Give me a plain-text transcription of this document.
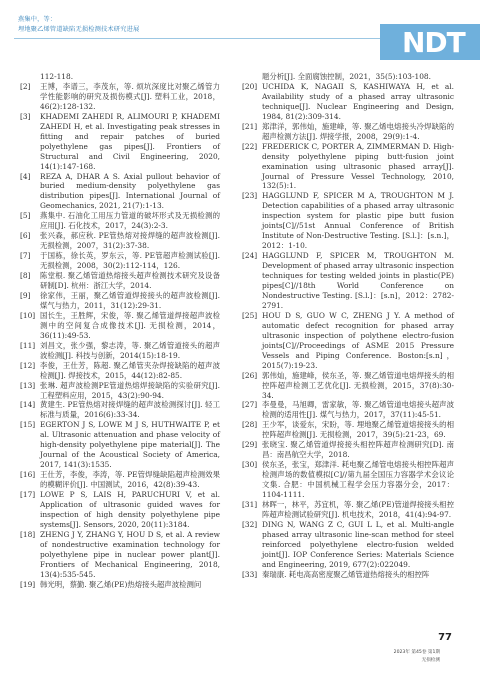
燕集中，等：
埋地聚乙烯管道缺陷无损检测技术研究进展	NDT
112-118.
[2]	王博，李谱三，李茂东，等. 烦坑深度比对聚乙烯管力学性能影响的研究及损伤模式[J]. 塑料工业，2018，46(2):128-132.
[3]	KHADEMI ZAHEDI R, ALIMOURI P, KHADEMI ZAHEDI H, et al. Investigating peak stresses in fitting and repair patches of buried polyethylene gas pipes[J]. Frontiers of Structural and Civil Engineering, 2020, 14(1):147-168.
[4]	REZA A, DHAR A S. Axial pullout behavior of buried medium-density polyethylene gas distribution pipes[J]. International Journal of Geomechanics, 2021, 21(7):1-13.
[5]	燕集中. 石油化工用压力管道的破坏形式及无损检测的应用[J]. 石化技术，2017，24(3):2-3.
[6]	张兴森，郝应秋. PE管热熔对接焊缝的超声波检测[J]. 无损检测，2007，31(2):37-38.
[7]	于国栋，徐长英，罗东云，等. PE管超声检测试验[J]. 无损检测，2008，30(2):112-114，126.
[8]	陈堂根. 聚乙烯管道热熔接头超声检测技术研究及设备研制[D]. 杭州：浙江大学，2014.
[9]	徐家伟，王丽，聚乙烯管道焊接接头的超声波检测[J]. 煤气与热力，2011，31(12):29-31.
[10] 国长生，王胜辉，宋俊，等. 聚乙烯管道焊接超声波检测中的空间复合成像技术[J]. 无损检测，2014，36(11):49-53.
[11] 刘昌文，张少强，黎志涛，等. 聚乙烯管道接头的超声波检测[J]. 科技与创新，2014(15):18-19.
[12] 李俊，王仕芳，陈超. 聚乙烯管夹杂焊接缺陷的超声波检测[J]. 焊接技术，2015，44(12):82-85.
[13] 张琳. 超声波检测PE管道热熔焊接缺陷的实验研究[J]. 工程塑料应用，2015，43(2):90-94.
[14] 黄建生. PE管热熔对接焊缝的超声波检测探讨[J]. 轻工标准与质量，2016(6):33-34.
[15] EGERTON J S, LOWE M J S, HUTHWAITE P, et al. Ultrasonic attenuation and phase velocity of high-density polyethylene pipe material[J]. The Journal of the Acoustical Society of America, 2017, 141(3):1535.
[16] 王仕芳，李俊，李涛，等. PE管焊缝缺陷超声检测效果的模糊评价[J]. 中国测试，2016，42(8):39-43.
[17] LOWE P S, LAIS H, PARUCHURI V, et al. Application of ultrasonic guided waves for inspection of high density polyethylene pipe systems[J]. Sensors, 2020, 20(11):3184.
[18] ZHENG J Y, ZHANG Y, HOU D S, et al. A review of nondestructive examination technology for polyethylene pipe in nuclear power plant[J]. Frontiers of Mechanical Engineering, 2018, 13(4):535-545.
[19] 韩光明，蔡勤. 聚乙烯(PE)热熔接头超声波检测问
题分析[J]. 全面腐蚀控制，2021，35(5):103-108.
[20] UCHIDA K, NAGAII S, KASHIWAYA H, et al. Availability study of a phased array ultrasonic technique[J]. Nuclear Engineering and Design, 1984, 81(2):309-314.
[21] 郑津洋，郭伟灿，施建峰，等. 聚乙烯电熔接头冷焊缺陷的超声检测方法[J]. 焊接学报，2008，29(9):1-4.
[22] FREDERICK C, PORTER A, ZIMMERMAN D. High-density polyethylene piping butt-fusion joint examination using ultrasonic phased array[J]. Journal of Pressure Vessel Technology, 2010, 132(5):1.
[23] HAGGLUND F, SPICER M A, TROUGHTON M J. Detection capabilities of a phased array ultrasonic inspection system for plastic pipe butt fusion joints[C]//51st Annual Conference of British Institute of Non-Destructive Testing. [S.l.]：[s.n.]，2012：1-10.
[24] HAGGLUND F, SPICER M, TROUGHTON M. Development of phased array ultrasonic inspection techniques for testing welded joints in plastic(PE) pipes[C]//18th World Conference on Nondestructive Testing. [S.l.]：[s.n]，2012：2782-2791.
[25] HOU D S, GUO W C, ZHENG J Y. A method of automatic defect recognition for phased array ultrasonic inspection of polythene electro-fusion joints[C]//Proceedings of ASME 2015 Pressure Vessels and Piping Conference. Boston:[s.n]，2015(7):19-23.
[26] 郭伟灿，施建峰，侯东圣，等. 聚乙烯管道电熔焊接头的相控阵超声检测工艺优化[J]. 无损检测，2015，37(8):30-34.
[27] 李曼曼，马旭卿，雷家敏，等. 聚乙烯管道电熔接头超声波检测的适用性[J]. 煤气与热力，2017，37(11):45-51.
[28] 王少军，谈爱东，宋盼，等. 埋地聚乙烯管道熔接接头的相控阵超声检测[J]. 无损检测，2017，39(5):21-23，69.
[29] 张晓宝. 聚乙烯管道焊接接头相控阵超声检测研究[D]. 南昌：南昌航空大学，2018.
[30] 侯东圣，张宝，郑津洋. 耗电聚乙烯管电熔接头相控阵超声检测声场的数值模拟[C]//第九届全国压力容器学术会议论文集. 合肥：中国机械工程学会压力容器分会，2017：1104-1111.
[31] 林晖一，林平，苏宜机，等. 聚乙烯(PE)管道焊接接头相控阵超声检测试验研究[J]. 机电技术，2018，41(4):94-97.
[32] DING N, WANG Z C, GUI L L, et al. Multi-angle phased array ultrasonic line-scan method for steel reinforced polyethylene electro-fusion welded joint[J]. IOP Conference Series: Materials Science and Engineering, 2019, 677(2):022049.
[33] 秦瑞康. 耗电高高密度聚乙烯管道热熔接头的相控阵
77
2023年 第45卷 第1期
无损检测
